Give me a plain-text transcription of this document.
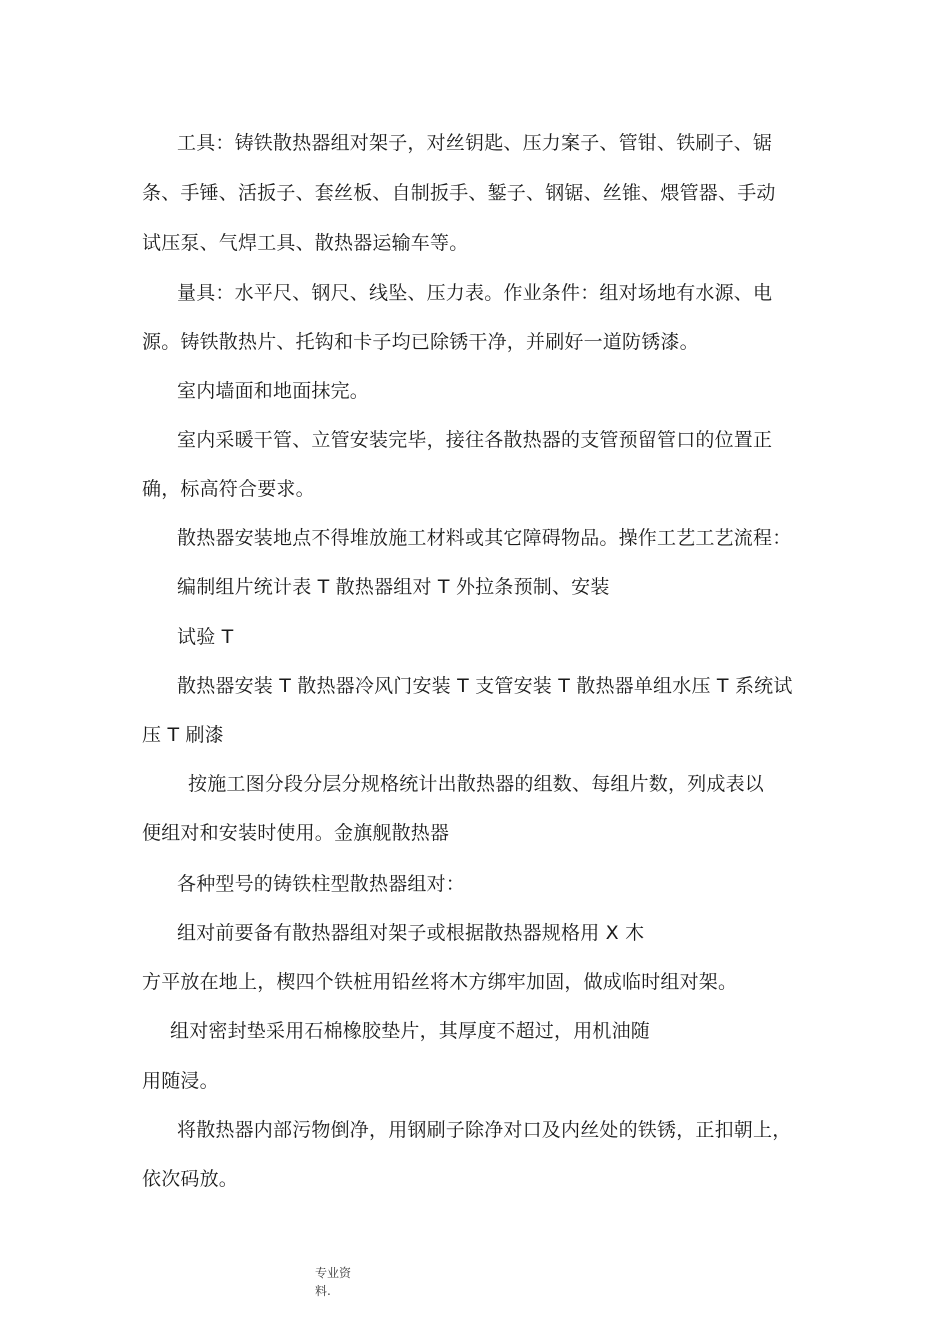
工具：铸铁散热器组对架子，对丝钥匙、压力案子、管钳、铁刷子、锯
条、手锤、活扳子、套丝板、自制扳手、錾子、钢锯、丝锥、煨管器、手动
试压泵、气焊工具、散热器运输车等。
量具：水平尺、钢尺、线坠、压力表。作业条件：组对场地有水源、电
源。铸铁散热片、托钩和卡子均已除锈干净，并刷好一道防锈漆。
室内墙面和地面抹完。
室内采暖干管、立管安装完毕，接往各散热器的支管预留管口的位置正
确，标高符合要求。
散热器安装地点不得堆放施工材料或其它障碍物品。操作工艺工艺流程：
编制组片统计表 T 散热器组对 T 外拉条预制、安装
试验 T
散热器安装 T 散热器冷风门安装 T 支管安装 T 散热器单组水压 T 系统试
压 T 刷漆
按施工图分段分层分规格统计出散热器的组数、每组片数，列成表以
便组对和安装时使用。金旗舰散热器
各种型号的铸铁柱型散热器组对：
组对前要备有散热器组对架子或根据散热器规格用 X 木
方平放在地上，楔四个铁桩用铅丝将木方绑牢加固，做成临时组对架。
组对密封垫采用石棉橡胶垫片，其厚度不超过，用机油随
用随浸。
将散热器内部污物倒净，用钢刷子除净对口及内丝处的铁锈，正扣朝上，
依次码放。
专业资
料.
